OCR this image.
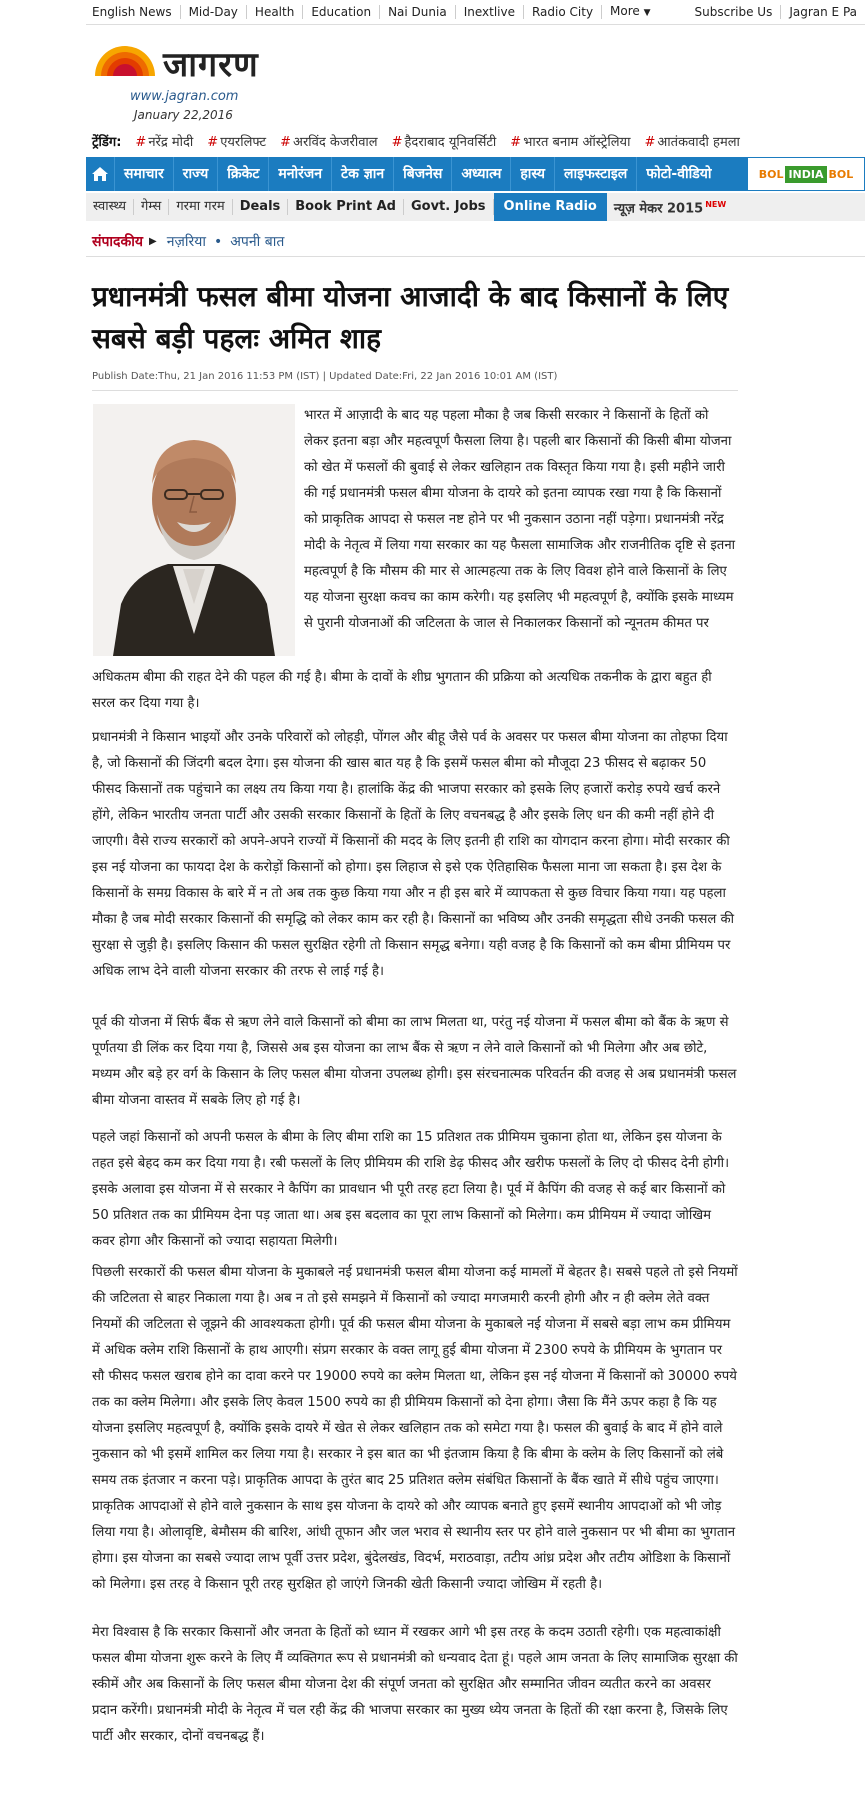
English News	Mid-Day	Health	Education	Nai Dunia	Inextlive	Radio City	More ▼	Subscribe Us	Jagran E Pa
जागरण
www.jagran.com
January 22,2016
ट्रेंडिंग: # नरेंद्र मोदी # एयरलिफ्ट # अरविंद केजरीवाल # हैदराबाद यूनिवर्सिटी # भारत बनाम ऑस्ट्रेलिया # आतंकवादी हमला
समाचार	राज्य	क्रिकेट	मनोरंजन	टेक ज्ञान	बिजनेस	अध्यात्म	हास्य	लाइफस्टाइल	फोटो-वीडियो	BOL INDIA BOL
स्वास्थ्य	गेम्स	गरमा गरम	Deals	Book Print Ad	Govt. Jobs	Online Radio	न्यूज़ मेकर 2015 $^{NEW}$
संपादकीय ▶ नज़रिया • अपनी बात
प्रधानमंत्री फसल बीमा योजना आजादी के बाद किसानों के लिए सबसे बड़ी पहलः अमित शाह
Publish Date:Thu, 21 Jan 2016 11:53 PM (IST) | Updated Date:Fri, 22 Jan 2016 10:01 AM (IST)

भारत में आज़ादी के बाद यह पहला मौका है जब किसी सरकार ने किसानों के हितों को लेकर इतना बड़ा और महत्वपूर्ण फैसला लिया है। पहली बार किसानों की किसी बीमा योजना को खेत में फसलों की बुवाई से लेकर खलिहान तक विस्तृत किया गया है। इसी महीने जारी की गई प्रधानमंत्री फसल बीमा योजना के दायरे को इतना व्यापक रखा गया है कि किसानों को प्राकृतिक आपदा से फसल नष्ट होने पर भी नुकसान उठाना नहीं पड़ेगा। प्रधानमंत्री नरेंद्र मोदी के नेतृत्व में लिया गया सरकार का यह फैसला सामाजिक और राजनीतिक दृष्टि से इतना महत्वपूर्ण है कि मौसम की मार से आत्महत्या तक के लिए विवश होने वाले किसानों के लिए यह योजना सुरक्षा कवच का काम करेगी। यह इसलिए भी महत्वपूर्ण है, क्योंकि इसके माध्यम से पुरानी योजनाओं की जटिलता के जाल से निकालकर किसानों को न्यूनतम कीमत पर

अधिकतम बीमा की राहत देने की पहल की गई है। बीमा के दावों के शीघ्र भुगतान की प्रक्रिया को अत्यधिक तकनीक के द्वारा बहुत ही सरल कर दिया गया है।

प्रधानमंत्री ने किसान भाइयों और उनके परिवारों को लोहड़ी, पोंगल और बीहू जैसे पर्व के अवसर पर फसल बीमा योजना का तोहफा दिया है, जो किसानों की जिंदगी बदल देगा। इस योजना की खास बात यह है कि इसमें फसल बीमा को मौजूदा 23 फीसद से बढ़ाकर 50 फीसद किसानों तक पहुंचाने का लक्ष्य तय किया गया है। हालांकि केंद्र की भाजपा सरकार को इसके लिए हजारों करोड़ रुपये खर्च करने होंगे, लेकिन भारतीय जनता पार्टी और उसकी सरकार किसानों के हितों के लिए वचनबद्ध है और इसके लिए धन की कमी नहीं होने दी जाएगी। वैसे राज्य सरकारों को अपने-अपने राज्यों में किसानों की मदद के लिए इतनी ही राशि का योगदान करना होगा। मोदी सरकार की इस नई योजना का फायदा देश के करोड़ों किसानों को होगा। इस लिहाज से इसे एक ऐतिहासिक फैसला माना जा सकता है। इस देश के किसानों के समग्र विकास के बारे में न तो अब तक कुछ किया गया और न ही इस बारे में व्यापकता से कुछ विचार किया गया। यह पहला मौका है जब मोदी सरकार किसानों की समृद्धि को लेकर काम कर रही है। किसानों का भविष्य और उनकी समृद्धता सीधे उनकी फसल की सुरक्षा से जुड़ी है। इसलिए किसान की फसल सुरक्षित रहेगी तो किसान समृद्ध बनेगा। यही वजह है कि किसानों को कम बीमा प्रीमियम पर अधिक लाभ देने वाली योजना सरकार की तरफ से लाई गई है।

पूर्व की योजना में सिर्फ बैंक से ऋण लेने वाले किसानों को बीमा का लाभ मिलता था, परंतु नई योजना में फसल बीमा को बैंक के ऋण से पूर्णतया डी लिंक कर दिया गया है, जिससे अब इस योजना का लाभ बैंक से ऋण न लेने वाले किसानों को भी मिलेगा और अब छोटे, मध्यम और बड़े हर वर्ग के किसान के लिए फसल बीमा योजना उपलब्ध होगी। इस संरचनात्मक परिवर्तन की वजह से अब प्रधानमंत्री फसल बीमा योजना वास्तव में सबके लिए हो गई है।

पहले जहां किसानों को अपनी फसल के बीमा के लिए बीमा राशि का 15 प्रतिशत तक प्रीमियम चुकाना होता था, लेकिन इस योजना के तहत इसे बेहद कम कर दिया गया है। रबी फसलों के लिए प्रीमियम की राशि डेढ़ फीसद और खरीफ फसलों के लिए दो फीसद देनी होगी। इसके अलावा इस योजना में से सरकार ने कैपिंग का प्रावधान भी पूरी तरह हटा लिया है। पूर्व में कैपिंग की वजह से कई बार किसानों को 50 प्रतिशत तक का प्रीमियम देना पड़ जाता था। अब इस बदलाव का पूरा लाभ किसानों को मिलेगा। कम प्रीमियम में ज्यादा जोखिम कवर होगा और किसानों को ज्यादा सहायता मिलेगी।

पिछली सरकारों की फसल बीमा योजना के मुकाबले नई प्रधानमंत्री फसल बीमा योजना कई मामलों में बेहतर है। सबसे पहले तो इसे नियमों की जटिलता से बाहर निकाला गया है। अब न तो इसे समझने में किसानों को ज्यादा मगजमारी करनी होगी और न ही क्लेम लेते वक्त नियमों की जटिलता से जूझने की आवश्यकता होगी। पूर्व की फसल बीमा योजना के मुकाबले नई योजना में सबसे बड़ा लाभ कम प्रीमियम में अधिक क्लेम राशि किसानों के हाथ आएगी। संप्रग सरकार के वक्त लागू हुई बीमा योजना में 2300 रुपये के प्रीमियम के भुगतान पर सौ फीसद फसल खराब होने का दावा करने पर 19000 रुपये का क्लेम मिलता था, लेकिन इस नई योजना में किसानों को 30000 रुपये तक का क्लेम मिलेगा। और इसके लिए केवल 1500 रुपये का ही प्रीमियम किसानों को देना होगा। जैसा कि मैंने ऊपर कहा है कि यह योजना इसलिए महत्वपूर्ण है, क्योंकि इसके दायरे में खेत से लेकर खलिहान तक को समेटा गया है। फसल की बुवाई के बाद में होने वाले नुकसान को भी इसमें शामिल कर लिया गया है। सरकार ने इस बात का भी इंतजाम किया है कि बीमा के क्लेम के लिए किसानों को लंबे समय तक इंतजार न करना पड़े। प्राकृतिक आपदा के तुरंत बाद 25 प्रतिशत क्लेम संबंधित किसानों के बैंक खाते में सीधे पहुंच जाएगा। प्राकृतिक आपदाओं से होने वाले नुकसान के साथ इस योजना के दायरे को और व्यापक बनाते हुए इसमें स्थानीय आपदाओं को भी जोड़ लिया गया है। ओलावृष्टि, बेमौसम की बारिश, आंधी तूफान और जल भराव से स्थानीय स्तर पर होने वाले नुकसान पर भी बीमा का भुगतान होगा। इस योजना का सबसे ज्यादा लाभ पूर्वी उत्तर प्रदेश, बुंदेलखंड, विदर्भ, मराठवाड़ा, तटीय आंध्र प्रदेश और तटीय ओडिशा के किसानों को मिलेगा। इस तरह वे किसान पूरी तरह सुरक्षित हो जाएंगे जिनकी खेती किसानी ज्यादा जोखिम में रहती है।

मेरा विश्वास है कि सरकार किसानों और जनता के हितों को ध्यान में रखकर आगे भी इस तरह के कदम उठाती रहेगी। एक महत्वाकांक्षी फसल बीमा योजना शुरू करने के लिए मैं व्यक्तिगत रूप से प्रधानमंत्री को धन्यवाद देता हूं। पहले आम जनता के लिए सामाजिक सुरक्षा की स्कीमें और अब किसानों के लिए फसल बीमा योजना देश की संपूर्ण जनता को सुरक्षित और सम्मानित जीवन व्यतीत करने का अवसर प्रदान करेंगी। प्रधानमंत्री मोदी के नेतृत्व में चल रही केंद्र की भाजपा सरकार का मुख्य ध्येय जनता के हितों की रक्षा करना है, जिसके लिए पार्टी और सरकार, दोनों वचनबद्ध हैं।
